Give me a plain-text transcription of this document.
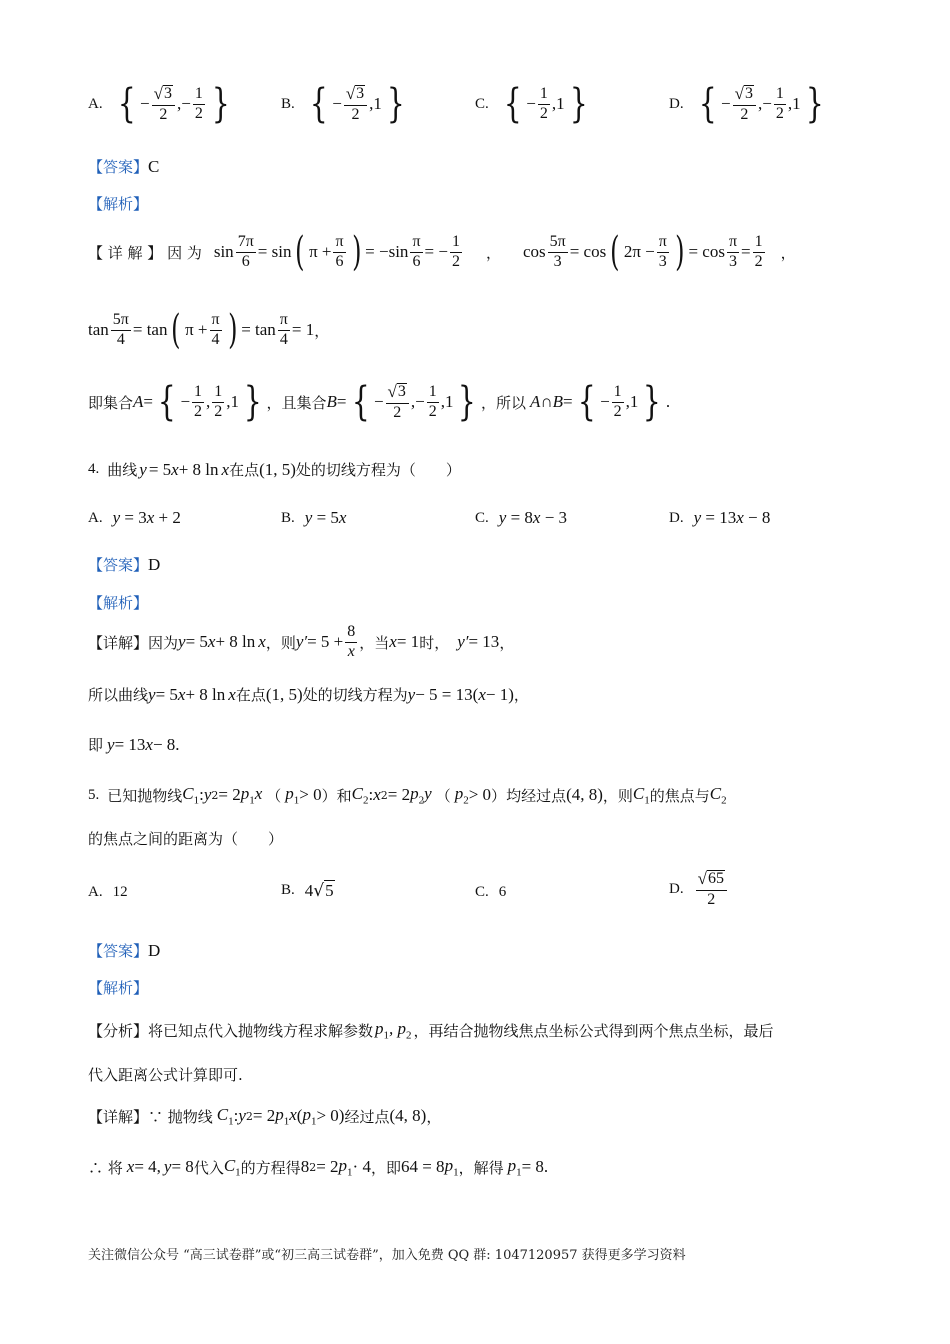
A. { − $\frac{√ 3}{2}$ ,− $\frac{1}{2}$ }	B. { − $\frac{√ 3}{2} ,1$ }	C. { − $\frac{1}{2} ,1$ }	D. { − $\frac{√ 3}{2}$ ,− $\frac{1}{2} ,1$ }
【答案】 C
【解析】
【 详 解 】 因 为 $\sin \frac{7\pi}{6} = \sin$ ( $\pi + \frac{\pi}{6}$ ) = $-\sin \frac{\pi}{6}$ = − $\frac{1}{2}$ ， $\cos \frac{5\pi}{3} = \cos$ ( $2\pi - \frac{\pi}{3}$ ) = $\cos \frac{\pi}{3} = \frac{1}{2}$ ，
$\tan \frac{5\pi}{4} = \tan$ ( $\pi + \frac{\pi}{4}$ ) = $\tan \frac{\pi}{4} = 1$ ，
即集合 A = { − $\frac{1}{2}$ , $\frac{1}{2} ,1$ } ，且集合 B = { − $\frac{√ 3}{2}$ ,− $\frac{1}{2} ,1$ } ，所以 A ∩ B = { − $\frac{1}{2} ,1$ } .
4. 曲线 y = 5 x + 8 ln x 在点 (1, 5) 处的切线方程为（　　）
A. y = 3 x + 2	B. y = 5 x	C. y = 8 x − 3	D. y = 13 x − 8
【答案】 D
【解析】
【详解】因为 y = 5 x + 8 ln x ，则 $y' = 5 + \frac{8}{x}$ ，当 x = 1 时， y′ = 13 ，
所以曲线 y = 5 x + 8 ln x 在点 (1, 5) 处的切线方程为 y − 5 = 13( x − 1) ，
即 y = 13 x − 8.
5. 已知抛物线 $C_1$ : y 2 = 2 $p_1x$ （ $p_1 > 0$ ） 和 $C_2$ : x 2 = 2 $p_2y$ （ $p_2 > 0$ ） 均经过点 (4, 8) ，则 $C_1$ 的焦点与 $C_2$
的焦点之间的距离为（　　）
A. 12	B. 4 √ 5	C. 6	D. $\frac{√ 65}{2}$
【答案】 D
【解析】
【分析】将已知点代入抛物线方程求解参数 $p_1$, $p_2$ ，再结合抛物线焦点坐标公式得到两个焦点坐标，最后
代入距离公式计算即可.
【详解】∵ 抛物线 $C_1$ : y 2 = 2 $p_1x$ ( $p_1 > 0$) 经过点 (4, 8) ，
∴ 将 x = 4, y = 8 代入 $C_1$ 的方程得 8 2 = 2 $p_1 \cdot 4$ ，即 64 = 8 $p_1$ ，解得 $p_1 = 8$.
关注微信公众号 “高三试卷群”或“初三高三试卷群”，加入免费 QQ 群: 1047120957 获得更多学习资料
